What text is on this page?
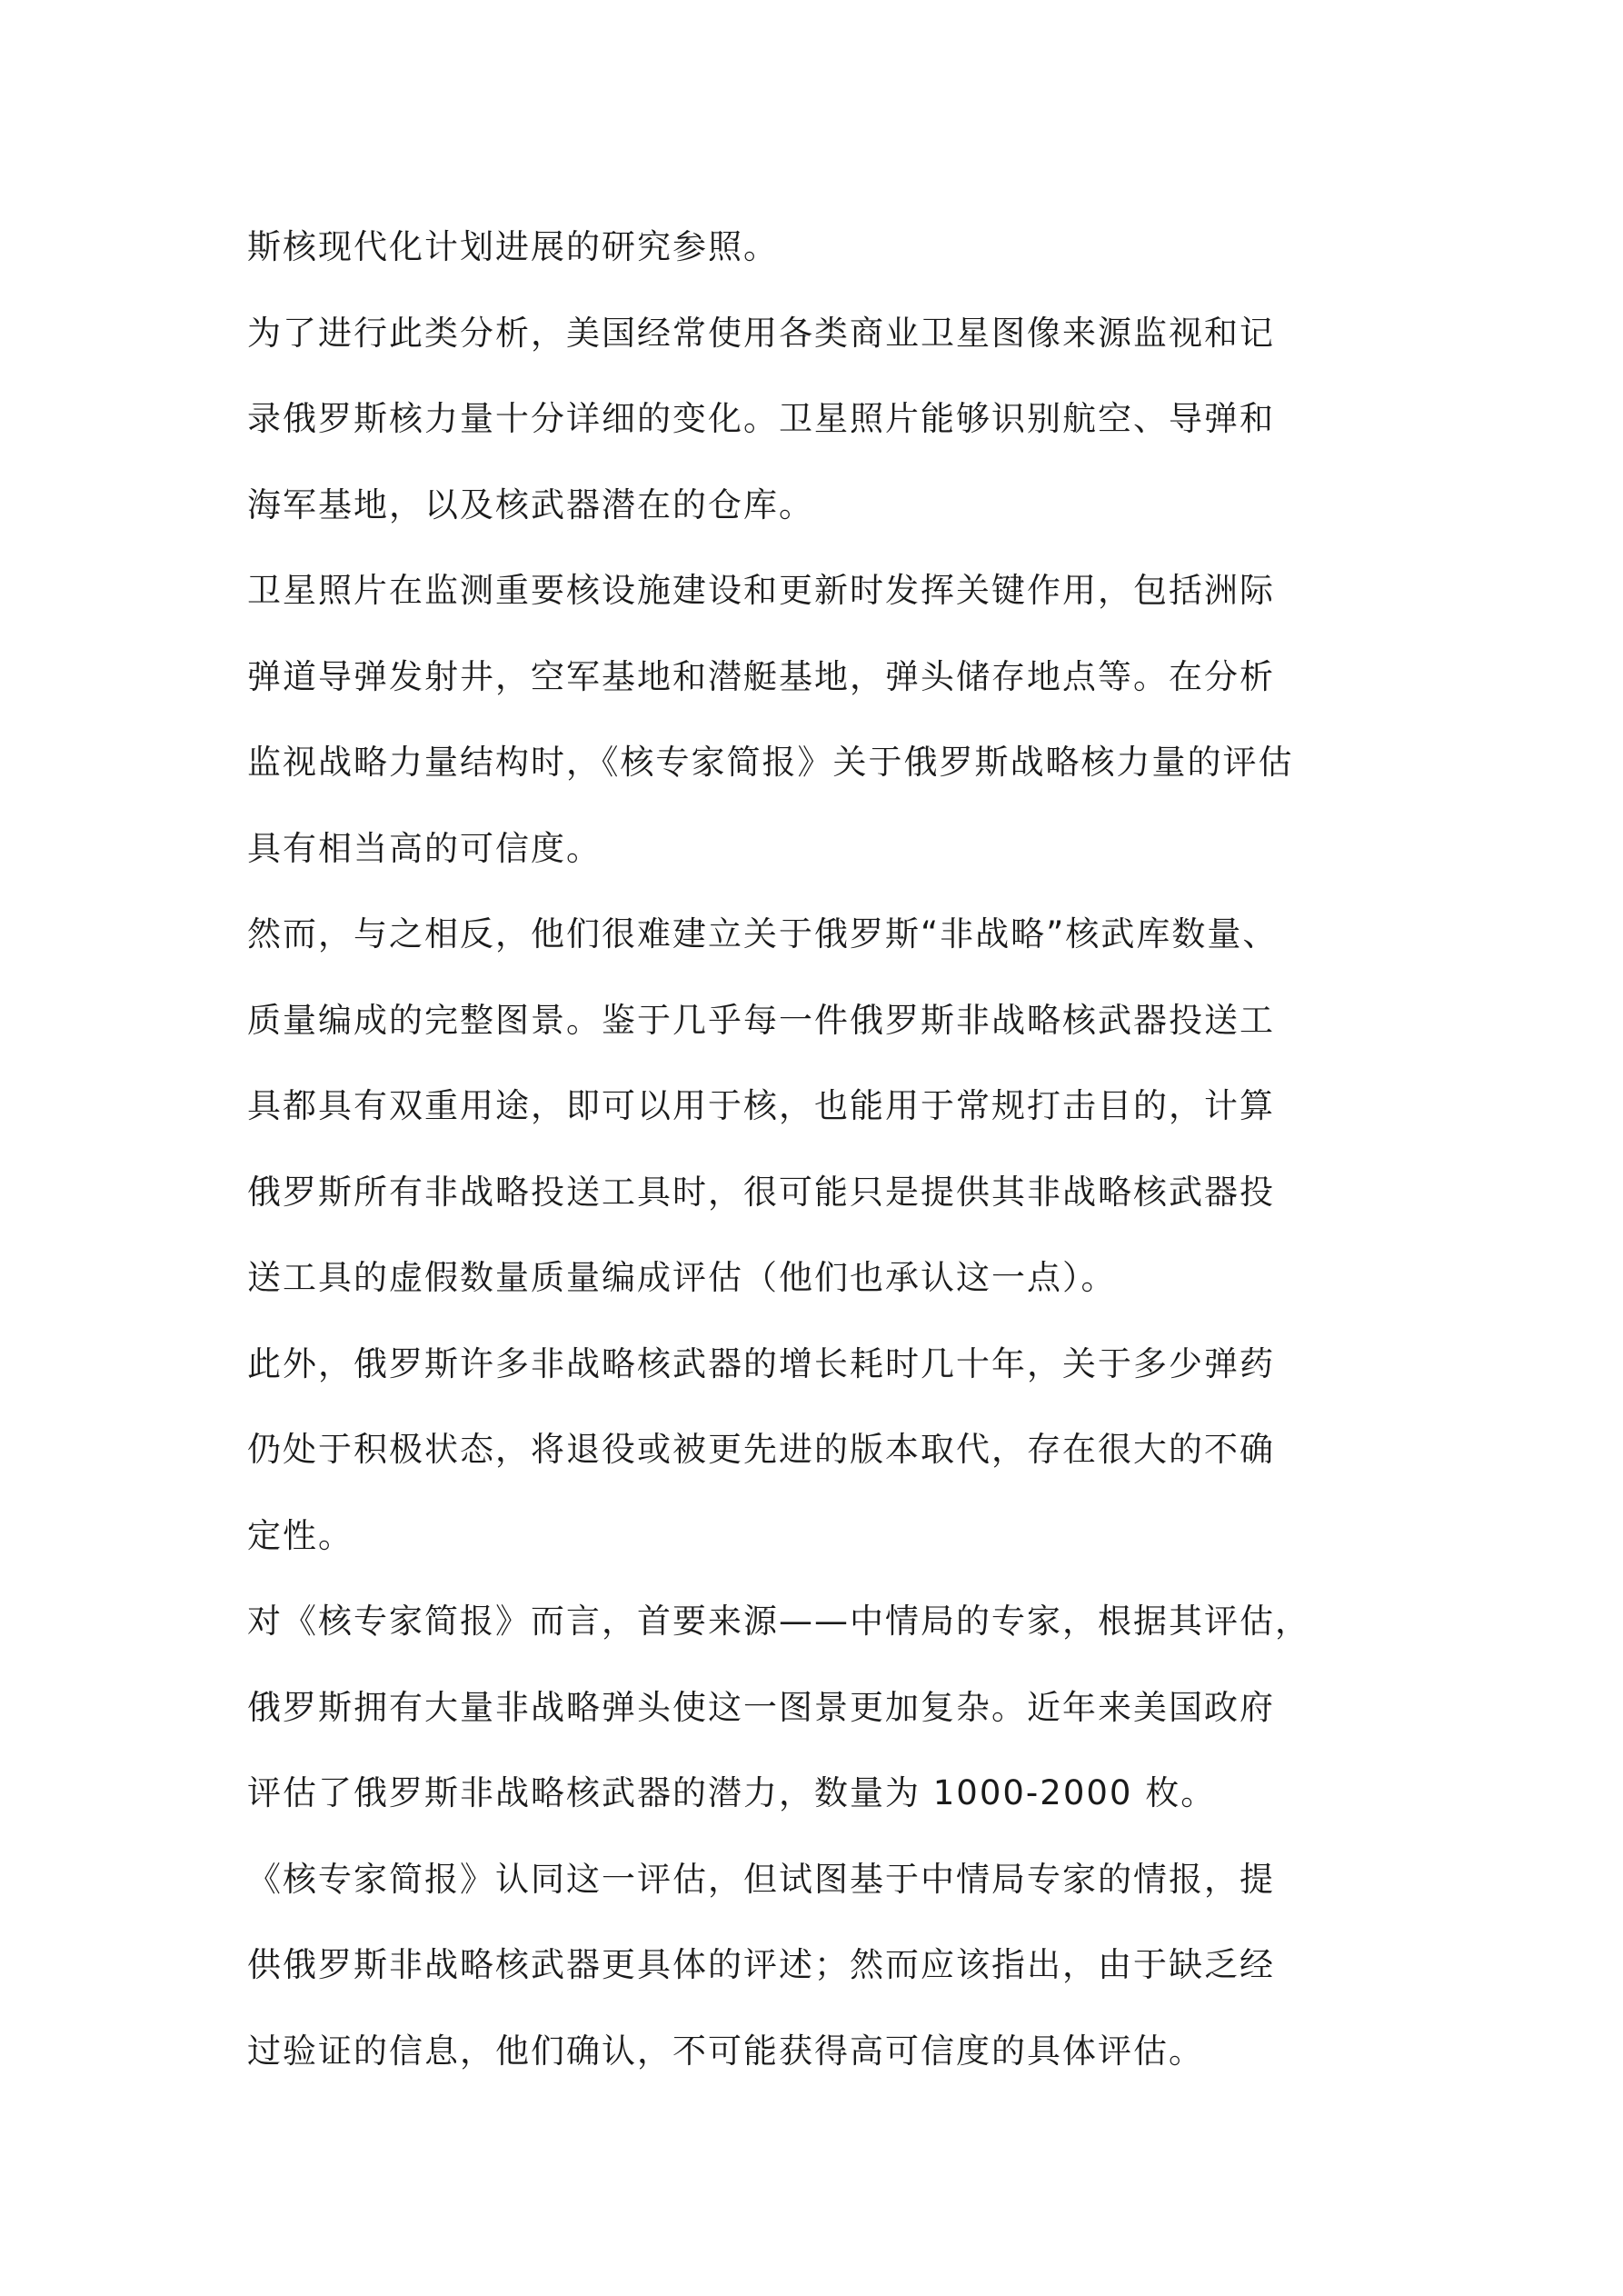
斯核现代化计划进展的研究参照。

为了进行此类分析，美国经常使用各类商业卫星图像来源监视和记

录俄罗斯核力量十分详细的变化。卫星照片能够识别航空、导弹和

海军基地，以及核武器潜在的仓库。

卫星照片在监测重要核设施建设和更新时发挥关键作用，包括洲际

弹道导弹发射井，空军基地和潜艇基地，弹头储存地点等。在分析

监视战略力量结构时，《核专家简报》关于俄罗斯战略核力量的评估

具有相当高的可信度。

然而，与之相反，他们很难建立关于俄罗斯“非战略”核武库数量、

质量编成的完整图景。鉴于几乎每一件俄罗斯非战略核武器投送工

具都具有双重用途，即可以用于核，也能用于常规打击目的，计算

俄罗斯所有非战略投送工具时，很可能只是提供其非战略核武器投

送工具的虚假数量质量编成评估（他们也承认这一点）。

此外，俄罗斯许多非战略核武器的增长耗时几十年，关于多少弹药

仍处于积极状态，将退役或被更先进的版本取代，存在很大的不确

定性。

对《核专家简报》而言，首要来源——中情局的专家，根据其评估，

俄罗斯拥有大量非战略弹头使这一图景更加复杂。近年来美国政府

评估了俄罗斯非战略核武器的潜力，数量为 1000-2000 枚。

《核专家简报》认同这一评估，但试图基于中情局专家的情报，提

供俄罗斯非战略核武器更具体的评述；然而应该指出，由于缺乏经

过验证的信息，他们确认，不可能获得高可信度的具体评估。
